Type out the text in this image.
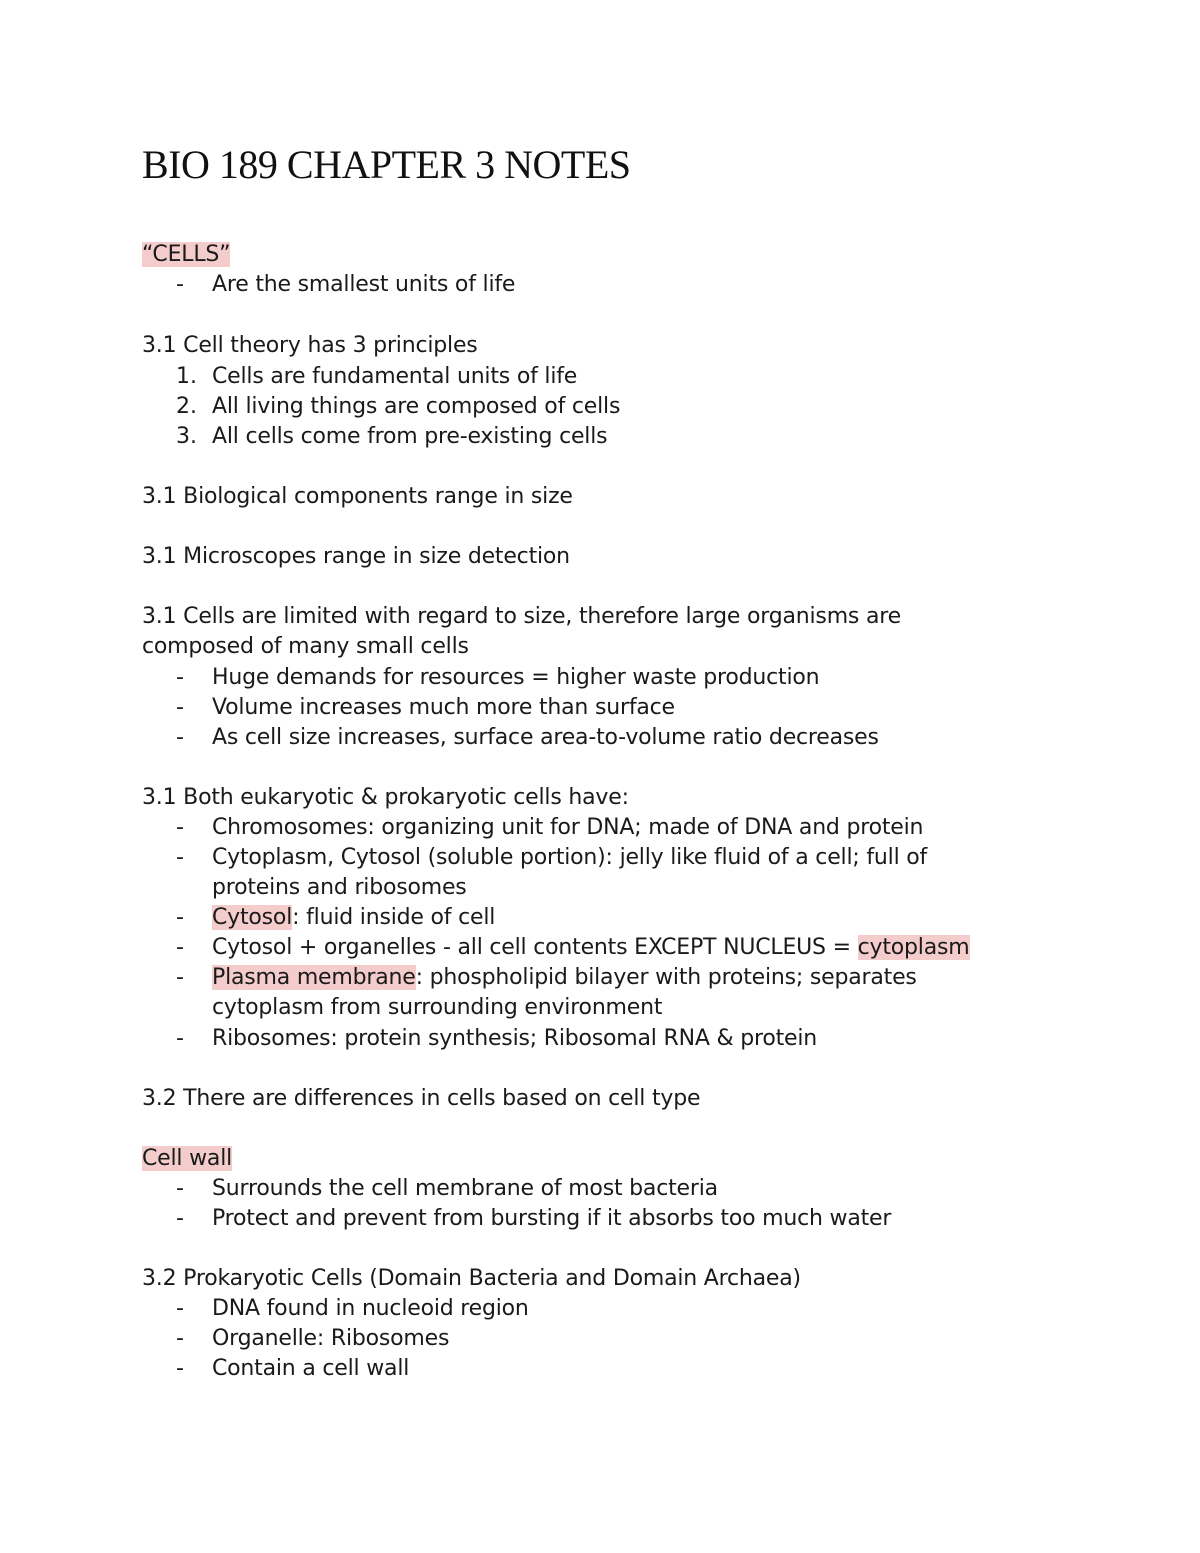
BIO 189 CHAPTER 3 NOTES
“CELLS”
- Are the smallest units of life
3.1 Cell theory has 3 principles
1. Cells are fundamental units of life
2. All living things are composed of cells
3. All cells come from pre-existing cells
3.1 Biological components range in size
3.1 Microscopes range in size detection
3.1 Cells are limited with regard to size, therefore large organisms are
composed of many small cells
- Huge demands for resources = higher waste production
- Volume increases much more than surface
- As cell size increases, surface area-to-volume ratio decreases
3.1 Both eukaryotic & prokaryotic cells have:
- Chromosomes: organizing unit for DNA; made of DNA and protein
- Cytoplasm, Cytosol (soluble portion): jelly like fluid of a cell; full of
proteins and ribosomes
- Cytosol: fluid inside of cell
- Cytosol + organelles - all cell contents EXCEPT NUCLEUS = cytoplasm
- Plasma membrane: phospholipid bilayer with proteins; separates
cytoplasm from surrounding environment
- Ribosomes: protein synthesis; Ribosomal RNA & protein
3.2 There are differences in cells based on cell type
Cell wall
- Surrounds the cell membrane of most bacteria
- Protect and prevent from bursting if it absorbs too much water
3.2 Prokaryotic Cells (Domain Bacteria and Domain Archaea)
- DNA found in nucleoid region
- Organelle: Ribosomes
- Contain a cell wall
